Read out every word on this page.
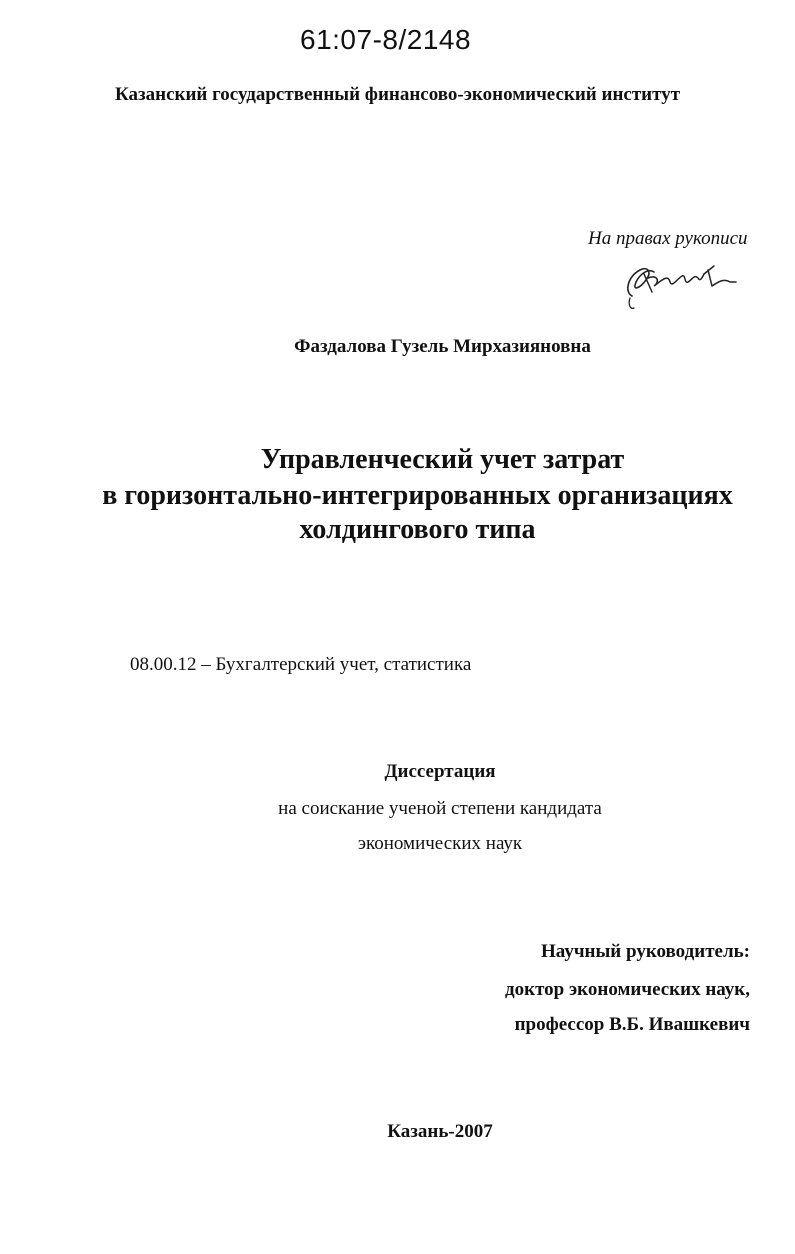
61:07-8/2148
Казанский государственный финансово-экономический институт
На правах рукописи
Фаздалова Гузель Мирхазияновна
Управленческий учет затрат
в горизонтально-интегрированных организациях
холдингового типа
08.00.12 – Бухгалтерский учет, статистика
Диссертация
на соискание ученой степени кандидата
экономических наук
Научный руководитель:
доктор экономических наук,
профессор В.Б. Ивашкевич
Казань-2007
